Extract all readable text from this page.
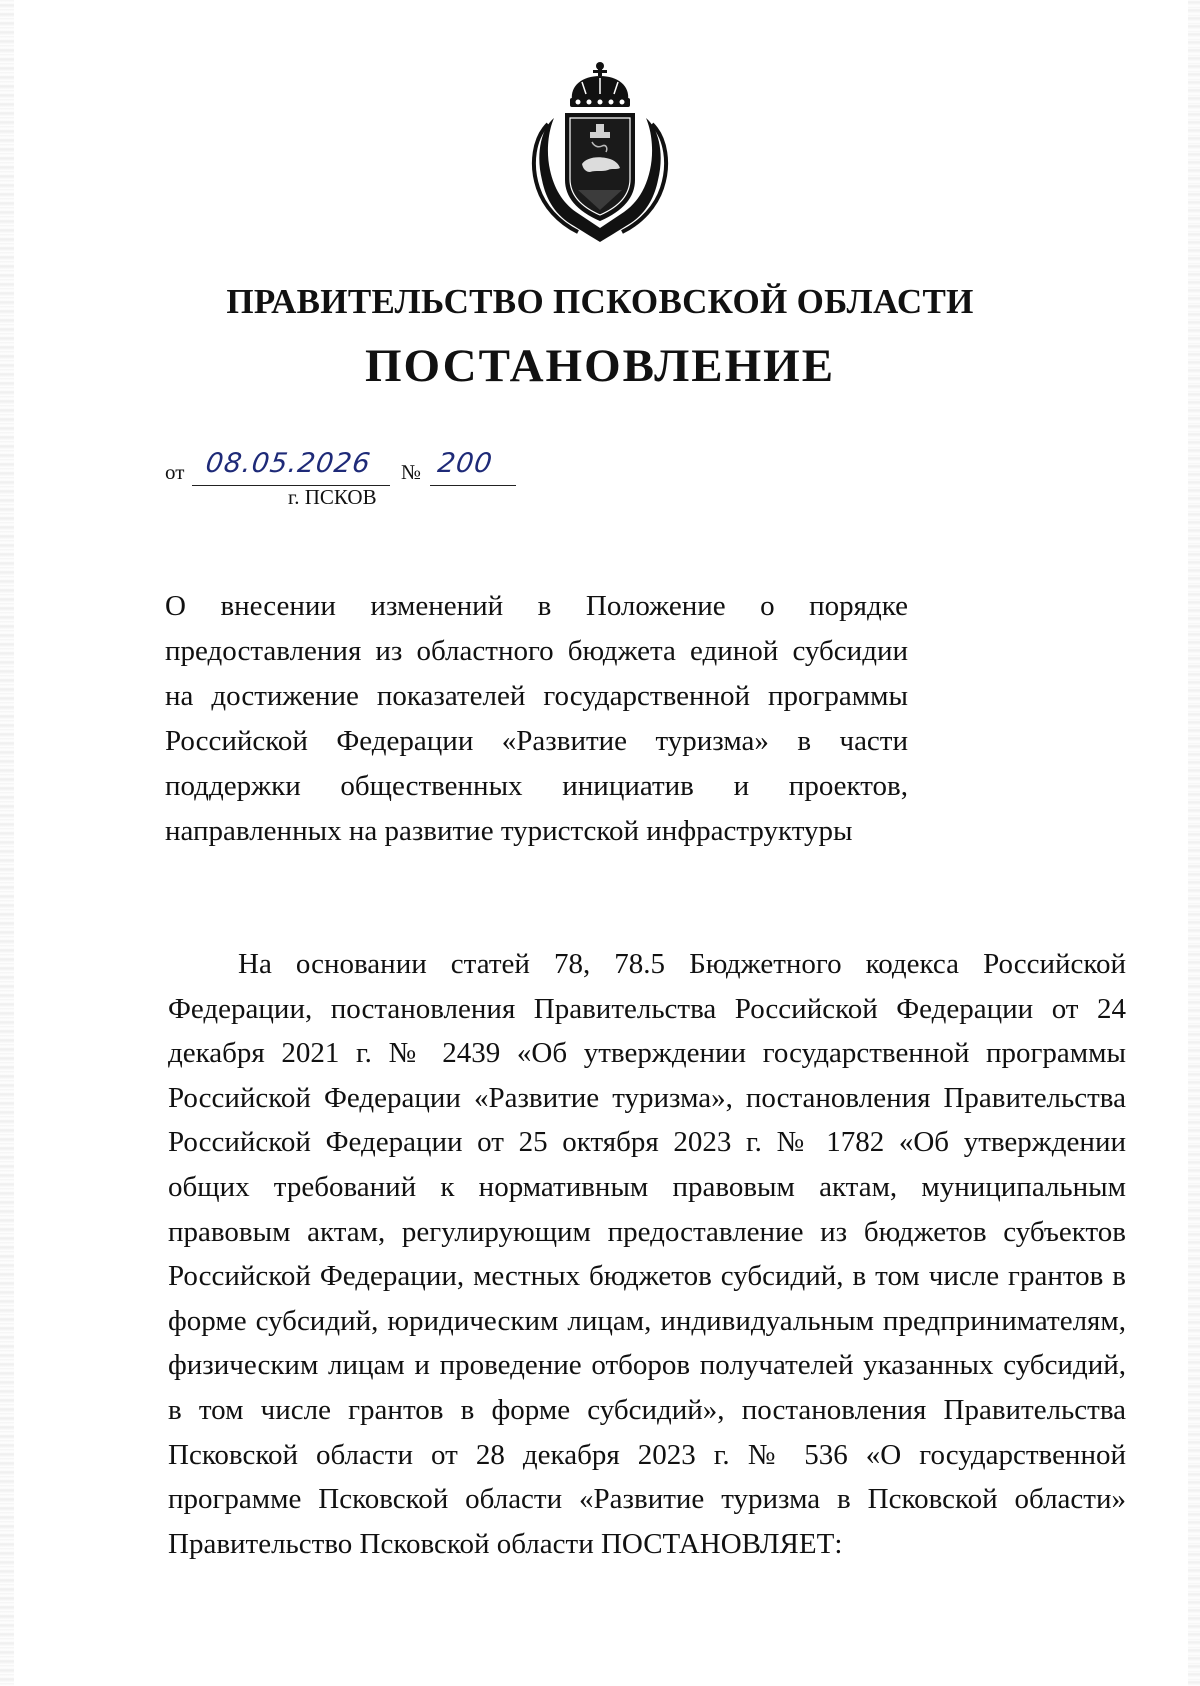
ПРАВИТЕЛЬСТВО ПСКОВСКОЙ ОБЛАСТИ
ПОСТАНОВЛЕНИЕ
от 08.05.2026 № 200

г. ПСКОВ

О внесении изменений в Положение о порядке предоставления из областного бюджета единой субсидии на достижение показателей государственной программы Российской Федерации «Развитие туризма» в части поддержки общественных инициатив и проектов, направленных на развитие туристской инфраструктуры

На основании статей 78, 78.5 Бюджетного кодекса Российской Федерации, постановления Правительства Российской Федерации от 24 декабря 2021 г. № 2439 «Об утверждении государственной программы Российской Федерации «Развитие туризма», постановления Правительства Российской Федерации от 25 октября 2023 г. № 1782 «Об утверждении общих требований к нормативным правовым актам, муниципальным правовым актам, регулирующим предоставление из бюджетов субъектов Российской Федерации, местных бюджетов субсидий, в том числе грантов в форме субсидий, юридическим лицам, индивидуальным предпринимателям, физическим лицам и проведение отборов получателей указанных субсидий, в том числе грантов в форме субсидий», постановления Правительства Псковской области от 28 декабря 2023 г. № 536 «О государственной программе Псковской области «Развитие туризма в Псковской области» Правительство Псковской области ПОСТАНОВЛЯЕТ:
